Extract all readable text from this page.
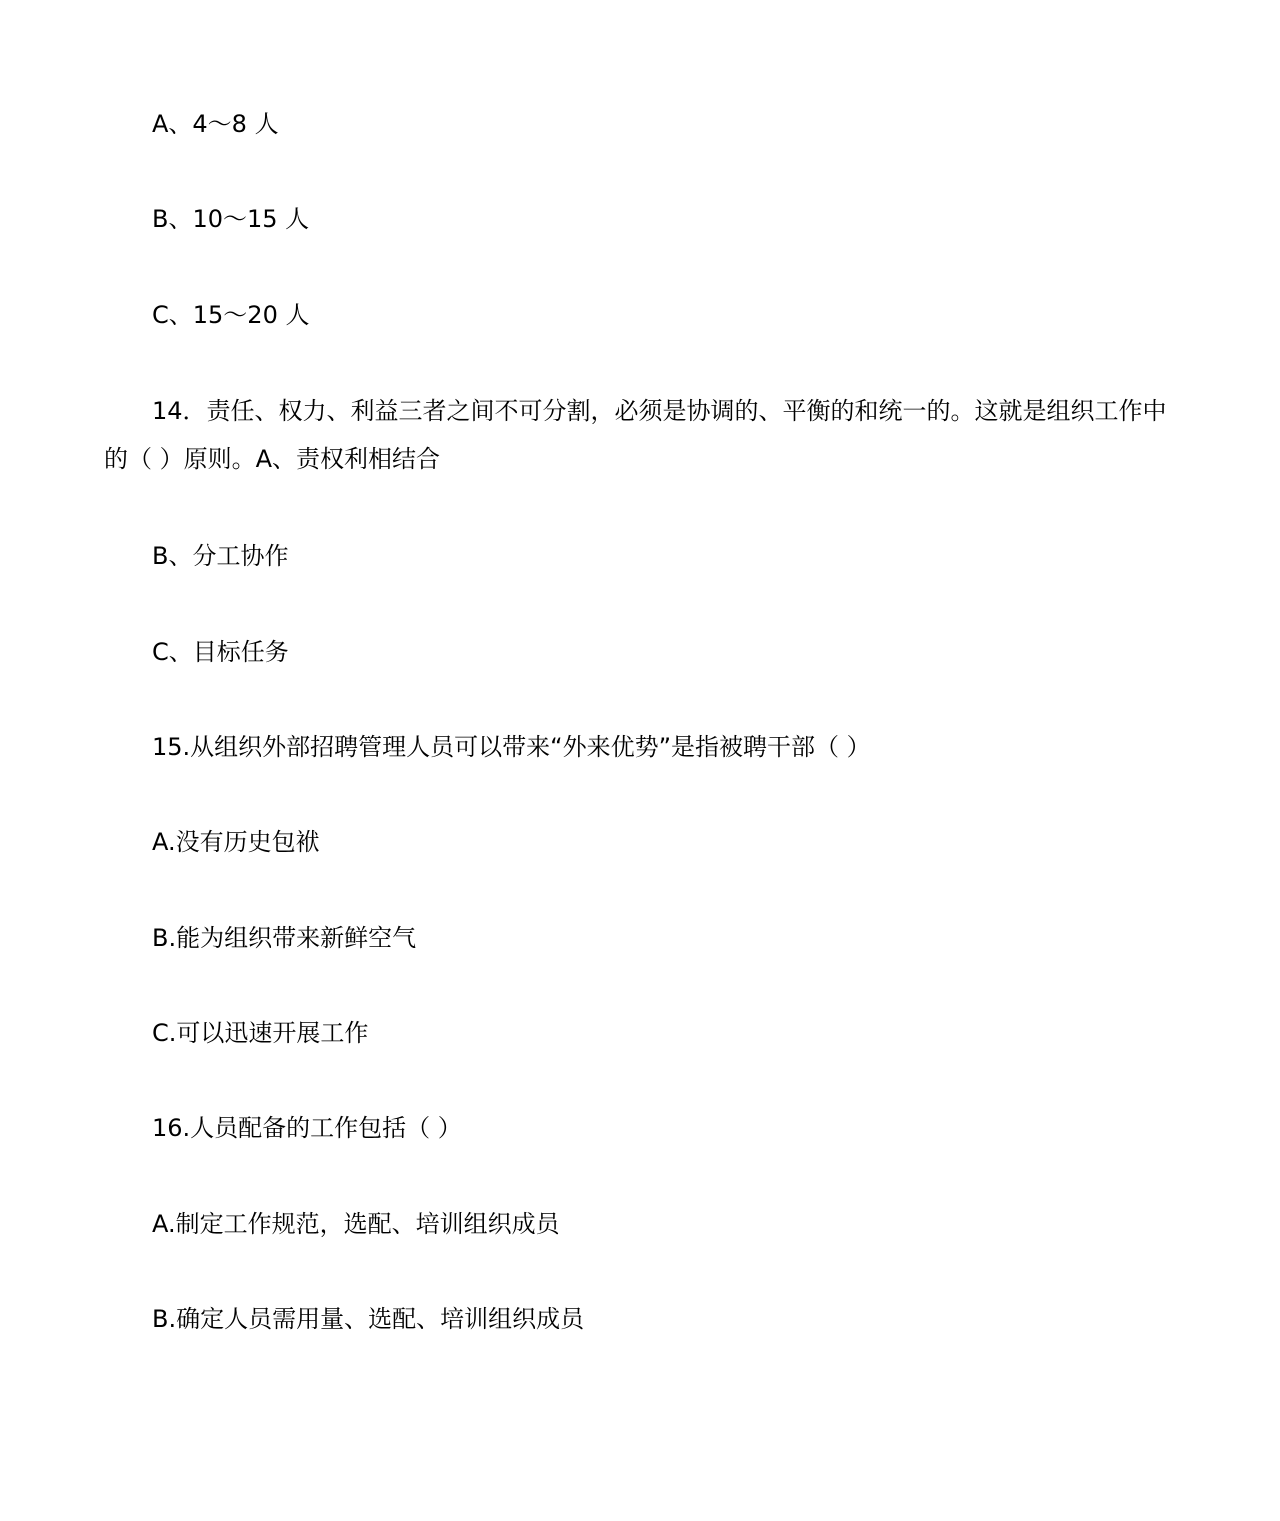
A、4～8 人
B、10～15 人
C、15～20 人
14．责任、权力、利益三者之间不可分割，必须是协调的、平衡的和统一的。这就是组织工作中的（ ）原则。A、责权利相结合
B、分工协作
C、目标任务
15.从组织外部招聘管理人员可以带来“外来优势”是指被聘干部（ ）
A.没有历史包袱
B.能为组织带来新鲜空气
C.可以迅速开展工作
16.人员配备的工作包括（ ）
A.制定工作规范，选配、培训组织成员
B.确定人员需用量、选配、培训组织成员
